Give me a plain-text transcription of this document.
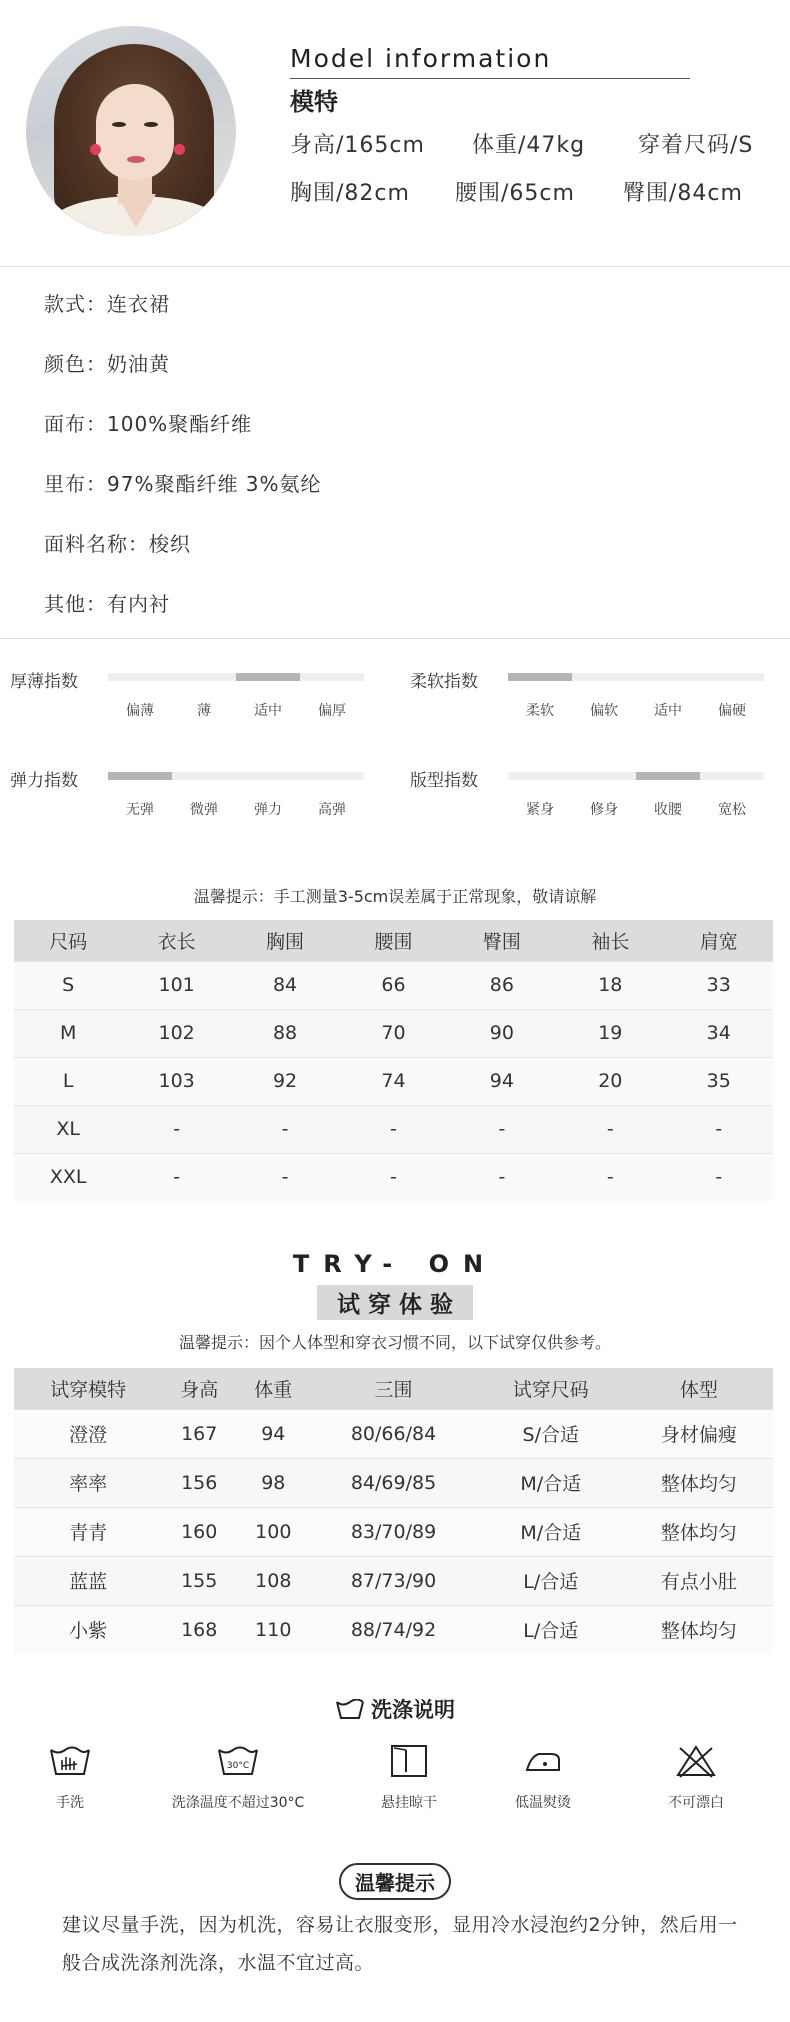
Model information
模特
身高/165cm 体重/47kg 穿着尺码/S
胸围/82cm 腰围/65cm 臀围/84cm
款式：连衣裙
颜色：奶油黄
面布：100%聚酯纤维
里布：97%聚酯纤维 3%氨纶
面料名称：梭织
其他：有内衬
厚薄指数
偏薄	薄	适中	偏厚
柔软指数
柔软	偏软	适中	偏硬
弹力指数
无弹	微弹	弹力	高弹
版型指数
紧身	修身	收腰	宽松
温馨提示：手工测量3-5cm误差属于正常现象，敬请谅解
尺码	衣长	胸围	腰围	臀围	袖长	肩宽
S	101	84	66	86	18	33
M	102	88	70	90	19	34
L	103	92	74	94	20	35
XL	-	-	-	-	-	-
XXL	-	-	-	-	-	-
TRY- ON
试穿体验
温馨提示：因个人体型和穿衣习惯不同，以下试穿仅供参考。
试穿模特	身高	体重	三围	试穿尺码	体型
澄澄	167	94	80/66/84	S/合适	身材偏瘦
率率	156	98	84/69/85	M/合适	整体均匀
青青	160	100	83/70/89	M/合适	整体均匀
蓝蓝	155	108	87/73/90	L/合适	有点小肚
小紫	168	110	88/74/92	L/合适	整体均匀
洗涤说明
手洗
30°C
洗涤温度不超过30°C	悬挂晾干	低温熨烫	不可漂白
温馨提示
建议尽量手洗，因为机洗，容易让衣服变形，显用冷水浸泡约2分钟，然后用一般合成洗涤剂洗涤，水温不宜过高。
